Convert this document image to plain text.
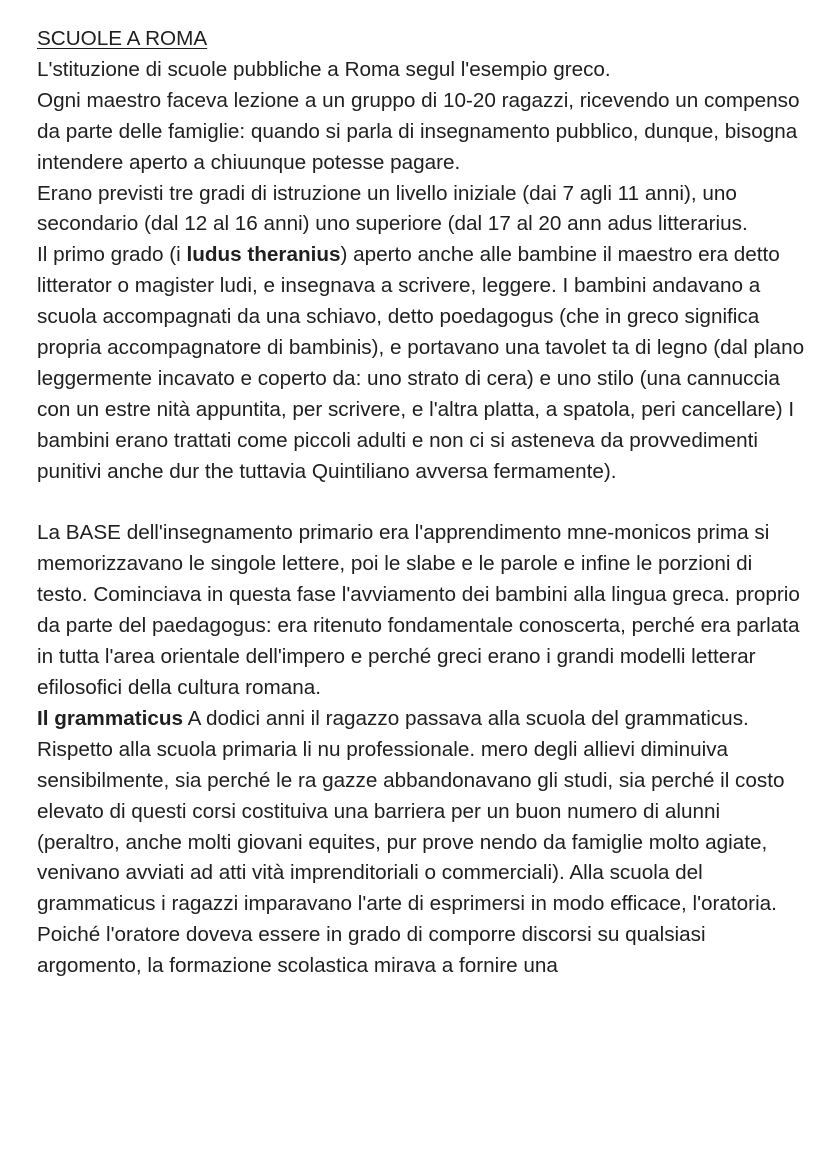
SCUOLE A ROMA

L'stituzione di scuole pubbliche a Roma segul l'esempio greco.

Ogni maestro faceva lezione a un gruppo di 10-20 ragazzi, ricevendo un compenso da parte delle famiglie: quando si parla di insegnamento pubblico, dunque, bisogna intendere aperto a chiuunque potesse pagare.

Erano previsti tre gradi di istruzione un livello iniziale (dai 7 agli 11 anni), uno secondario (dal 12 al 16 anni) uno superiore (dal 17 al 20 ann adus litterarius.

Il primo grado (i ludus theranius) aperto anche alle bambine il maestro era detto litterator o magister ludi, e insegnava a scrivere, leggere. I bambini andavano a scuola accompagnati da una schiavo, detto poedagogus (che in greco significa propria accompagnatore di bambinis), e portavano una tavolet ta di legno (dal plano leggermente incavato e coperto da: uno strato di cera) e uno stilo (una cannuccia con un estre nità appuntita, per scrivere, e l'altra platta, a spatola, peri cancellare) I bambini erano trattati come piccoli adulti e non ci si asteneva da provvedimenti punitivi anche dur the tuttavia Quintiliano avversa fermamente).

La BASE dell'insegnamento primario era l'apprendimento mne-monicos prima si memorizzavano le singole lettere, poi le slabe e le parole e infine le porzioni di testo. Cominciava in questa fase l'avviamento dei bambini alla lingua greca. proprio da parte del paedagogus: era ritenuto fondamentale conoscerta, perché era parlata in tutta l'area orientale dell'impero e perché greci erano i grandi modelli letterar efilosofici della cultura romana.

Il grammaticus A dodici anni il ragazzo passava alla scuola del grammaticus. Rispetto alla scuola primaria li nu professionale. mero degli allievi diminuiva sensibilmente, sia perché le ra gazze abbandonavano gli studi, sia perché il costo elevato di questi corsi costituiva una barriera per un buon numero di alunni (peraltro, anche molti giovani equites, pur prove nendo da famiglie molto agiate, venivano avviati ad atti vità imprenditoriali o commerciali). Alla scuola del grammaticus i ragazzi imparavano l'arte di esprimersi in modo efficace, l'oratoria. Poiché l'oratore doveva essere in grado di comporre discorsi su qualsiasi argomento, la formazione scolastica mirava a fornire una
